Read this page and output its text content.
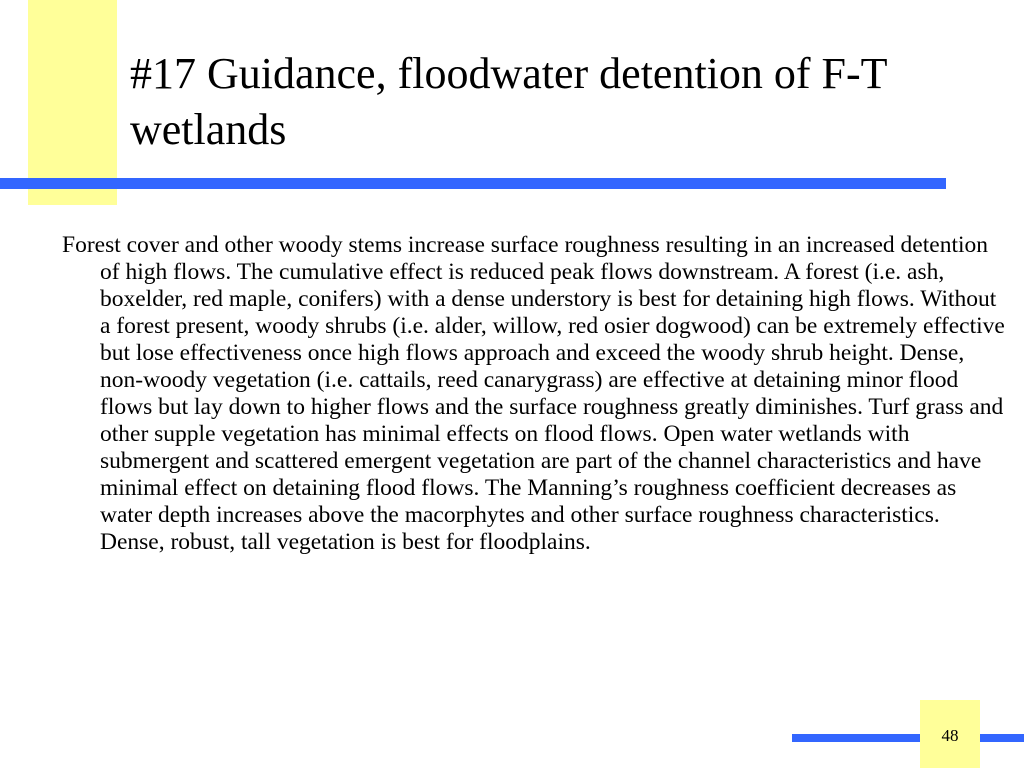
#17 Guidance, floodwater detention of F-T wetlands

Forest cover and other woody stems increase surface roughness resulting in an increased detention of high flows. The cumulative effect is reduced peak flows downstream. A forest (i.e. ash, boxelder, red maple, conifers) with a dense understory is best for detaining high flows. Without a forest present, woody shrubs (i.e. alder, willow, red osier dogwood) can be extremely effective but lose effectiveness once high flows approach and exceed the woody shrub height. Dense, non-woody vegetation (i.e. cattails, reed canarygrass) are effective at detaining minor flood flows but lay down to higher flows and the surface roughness greatly diminishes. Turf grass and other supple vegetation has minimal effects on flood flows. Open water wetlands with submergent and scattered emergent vegetation are part of the channel characteristics and have minimal effect on detaining flood flows. The Manning’s roughness coefficient decreases as water depth increases above the macorphytes and other surface roughness characteristics. Dense, robust, tall vegetation is best for floodplains.

48
